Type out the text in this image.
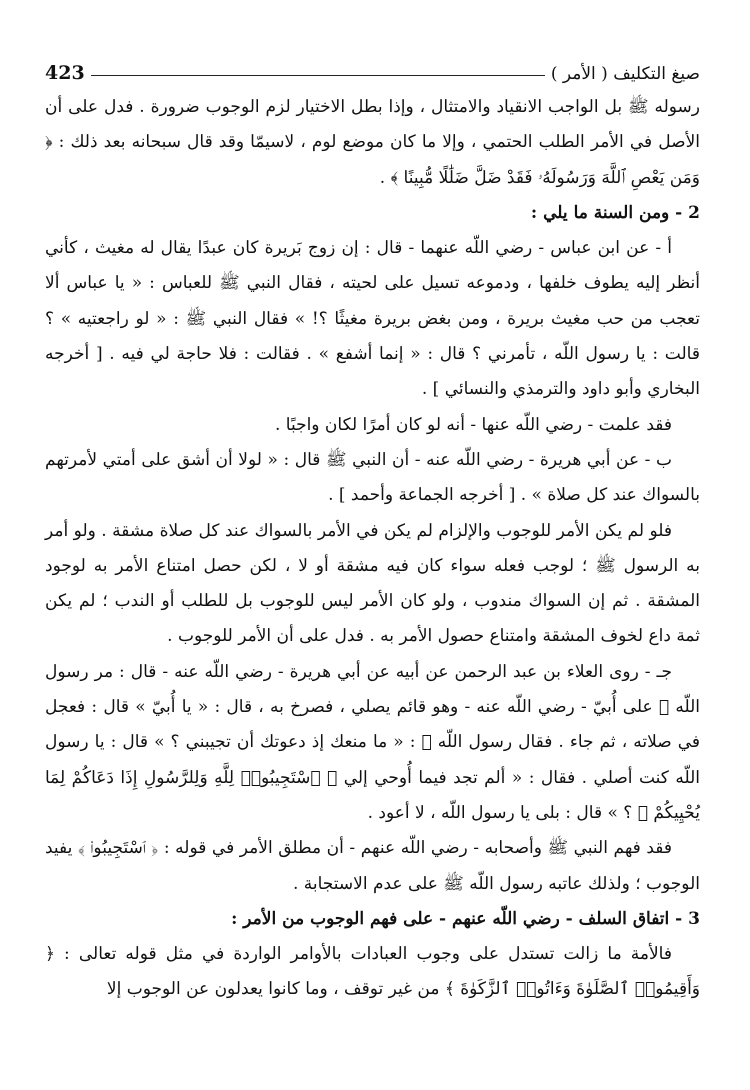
صيغ التكليف ( الأمر )
423

رسوله ﷺ بل الواجب الانقياد والامتثال ، وإذا بطل الاختيار لزم الوجوب ضرورة . فدل على أن الأصل في الأمر الطلب الحتمي ، وإلا ما كان موضع لوم ، لاسيمّا وقد قال سبحانه بعد ذلك : ﴿ وَمَن يَعْصِ ٱللَّهَ وَرَسُولَهُۥ فَقَدْ ضَلَّ ضَلَٰلًا مُّبِينًا ﴾ .

2 - ومن السنة ما يلي :

أ - عن ابن عباس - رضي اللّه عنهما - قال : إن زوج بَريرة كان عبدًا يقال له مغيث ، كأني أنظر إليه يطوف خلفها ، ودموعه تسيل على لحيته ، فقال النبي ﷺ للعباس : « يا عباس ألا تعجب من حب مغيث بريرة ، ومن بغض بريرة مغيثًا ؟! » فقال النبي ﷺ : « لو راجعتيه » ؟ قالت : يا رسول اللّه ، تأمرني ؟ قال : « إنما أشفع » . فقالت : فلا حاجة لي فيه . [ أخرجه البخاري وأبو داود والترمذي والنسائي ] .

فقد علمت - رضي اللّه عنها - أنه لو كان أمرًا لكان واجبًا .

ب - عن أبي هريرة - رضي اللّه عنه - أن النبي ﷺ قال : « لولا أن أشق على أمتي لأمرتهم بالسواك عند كل صلاة » . [ أخرجه الجماعة وأحمد ] .

فلو لم يكن الأمر للوجوب والإلزام لم يكن في الأمر بالسواك عند كل صلاة مشقة . ولو أمر به الرسول ﷺ ؛ لوجب فعله سواء كان فيه مشقة أو لا ، لكن حصل امتناع الأمر به لوجود المشقة . ثم إن السواك مندوب ، ولو كان الأمر ليس للوجوب بل للطلب أو الندب ؛ لم يكن ثمة داع لخوف المشقة وامتناع حصول الأمر به . فدل على أن الأمر للوجوب .

جـ - روى العلاء بن عبد الرحمن عن أبيه عن أبي هريرة - رضي اللّه عنه - قال : مر رسول اللّه ﷺ على أُبيّ - رضي اللّه عنه - وهو قائم يصلي ، فصرخ به ، قال : « يا أُبيّ » قال : فعجل في صلاته ، ثم جاء . فقال رسول اللّه ﷺ : « ما منعك إذ دعوتك أن تجيبني ؟ » قال : يا رسول اللّه كنت أصلي . فقال : « ألم تجد فيما أُوحي إلي ﴿ ٱسْتَجِيبُوا۟ لِلَّهِ وَلِلرَّسُولِ إِذَا دَعَاكُمْ لِمَا يُحْيِيكُمْ ﴾ ؟ » قال : بلى يا رسول اللّه ، لا أعود .

فقد فهم النبي ﷺ وأصحابه - رضي اللّه عنهم - أن مطلق الأمر في قوله : ﴿ ٱسْتَجِيبُوا۟ ﴾ يفيد الوجوب ؛ ولذلك عاتبه رسول اللّه ﷺ على عدم الاستجابة .

3 - اتفاق السلف - رضي اللّه عنهم - على فهم الوجوب من الأمر :

فالأمة ما زالت تستدل على وجوب العبادات بالأوامر الواردة في مثل قوله تعالى : ﴿ وَأَقِيمُوا۟ ٱلصَّلَوٰةَ وَءَاتُوا۟ ٱلزَّكَوٰةَ ﴾ من غير توقف ، وما كانوا يعدلون عن الوجوب إلا
